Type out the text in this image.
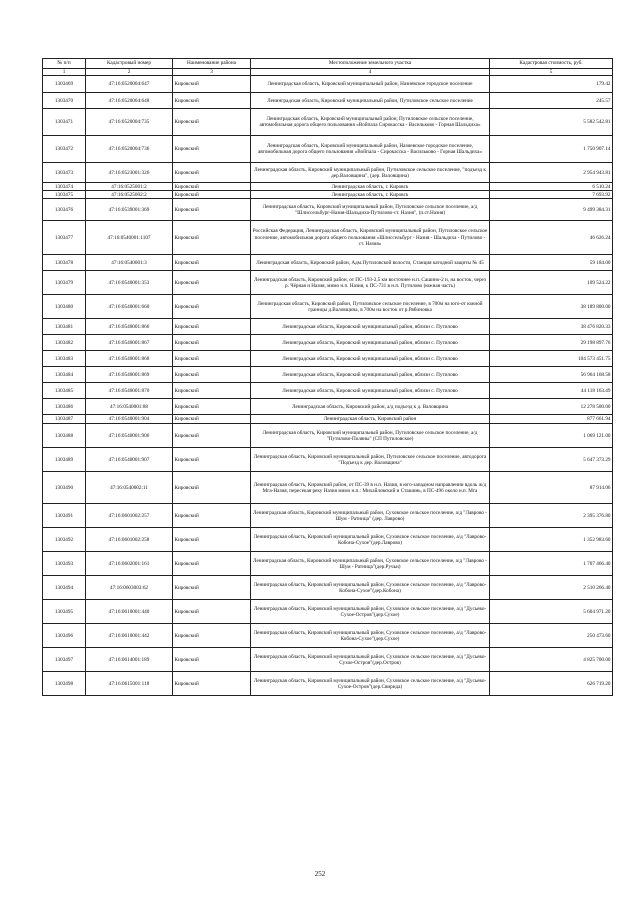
№ п/п	Кадастровый номер	Наименование района	Местоположение земельного участка	Кадастровая стоимость, руб.
1	2	3	4	5
1303469	47:16:0520004:647	Кировский	Ленинградская область, Кировский муниципальный район, Назиевское городское поселение	179.42
1303470	47:16:0520004:648	Кировский	Ленинградская область, Кировский муниципальный район, Путиловское сельское поселение	245.57
1303471	47:16:0520004:735	Кировский	Ленинградская область, Кировский муниципальный район, Путиловское сельское поселение, автомобильная дорога общего пользования «Войпала Сирокасска - Васильково - Горная Шальдиха»	5 582 542.81
1303472	47:16:0520004:736	Кировский	Ленинградская область, Кировский муниципальный район, Назиевское городское поселение, автомобильная дорога общего пользования «Войпала - Сирокасска - Васильково - Горная Шальдиха»	1 750 907.14
1303473	47:16:0523001:326	Кировский	Ленинградская область, Кировский муниципальный район, Путиловское сельское поселение, "подъезд к дер.Валовщина", (дер. Валовщина)	2 954 943.81
1303474	47:16:0525001:2	Кировский	Ленинградская область, г. Кировск	6 510.24
1303475	47:16:0525002:2	Кировский	Ленинградская область, г. Кировск	7 693.92
1303476	47:16:0539001:369	Кировский	Ленинградская область, Кировский муниципальный район, Путиловское сельское поселение, а/д "Шлиссельбург-Назия-Шальдиха-Путилово-ст. Назия", (п.ст.Назия)	9 499 384.31
1303477	47:16:0540001:1107	Кировский	Российская Федерация, Ленинградская область, Кировский муниципальный район, Путиловское сельское поселение, автомобильная дорога общего пользования «Шлиссельбург - Назия - Шальдиха - Путилово - ст. Назия»	46 626.24
1303478	47:16:0540001:3	Кировский	Ленинградская область, Кировский район, Адм.Путиловской волости, Станция катодной защиты № 45	59 184.00
1303479	47:16:0540001:353	Кировский	Ленинградская область, Кировский район, от ПС-193-2,5 км восточнее н.п. Сашино-2 и, на восток, через р. Чёрная и Назия, мимо н.п. Назия, к ПС-731 в н.п. Путилово (южная часть)	109 524.22
1303480	47:16:0540001:660	Кировский	Ленинградская область, Кировский район, Путиловское сельское поселение, в 700м на юго-от южной границы д.Валовщина, в 700м на восток от р.Рябиновка	38 189 800.00
1303481	47:16:0540001:866	Кировский	Ленинградская область, Кировский муниципальный район, вблизи с. Путилово	38 476 820.33
1303482	47:16:0540001:867	Кировский	Ленинградская область, Кировский муниципальный район, вблизи с. Путилово	29 198 897.76
1303483	47:16:0540001:868	Кировский	Ленинградская область, Кировский муниципальный район, вблизи с. Путилово	104 573 451.75
1303484	47:16:0540001:869	Кировский	Ленинградская область, Кировский муниципальный район, вблизи с. Путилово	56 964 168.58
1303485	47:16:0540001:870	Кировский	Ленинградская область, Кировский муниципальный район, вблизи с. Путилово	44 118 163.49
1303486	47:16:0540001:88	Кировский	Ленинградская область, Кировский район, а/д подъезд к д. Валовщина	12 278 500.00
1303487	47:16:0540001:904	Кировский	Ленинградская область, Кировский район	877 661.94
1303488	47:16:0540001:906	Кировский	Ленинградская область, Кировский муниципальный район, Путиловское сельское поселение, а/д "Путилово-Поляны" (СП Путиловское)	1 069 121.00
1303489	47:16:0540001:907	Кировский	Ленинградская область, Кировский муниципальный район, Путиловское сельское поселение, автодорога "Подъезд к дер. Валовщина"	5 647 373.29
1303490	47:16:0540002:11	Кировский	Ленинградская область, Кировский район, от ПС-39 в н.п. Назия, в юго-западном направлении вдоль ж/д Мга-Назия, пересекая реку Назия мимо н.п.: Михайловский и Сташинь, в ПС-496 около н.п. Мга	87 914.06
1303491	47:16:0601002:257	Кировский	Ленинградская область, Кировский муниципальный район, Суховское сельское поселение, а/д "Лаврово - Шум - Ратница" (дер. Лаврово)	2 395 376.80
1303492	47:16:0601002:258	Кировский	Ленинградская область, Кировский муниципальный район, Суховское сельское поселение, а/д "Лаврово-Кобона-Сухое"(дер.Лаврово)	1 352 983.60
1303493	47:16:0602001:161	Кировский	Ленинградская область, Кировский муниципальный район, Суховское сельское поселение, а/д "Лаврово - Шум - Ратница"(дер.Ручьи)	1 707 466.40
1303494	47:16:0603003:62	Кировский	Ленинградская область, Кировский муниципальный район, Суховское сельское поселение, а/д "Лаврово-Кобона-Сухое"(дер.Кобона)	2 510 266.40
1303495	47:16:0610001:440	Кировский	Ленинградская область, Кировский муниципальный район, Суховское сельское поселение, а/д "Дусьево-Сухое-Остров"(дер.Сухое)	5 604 971.20
1303496	47:16:0610001:442	Кировский	Ленинградская область, Кировский муниципальный район, Суховское сельское поселение, а/д "Лаврово-Кобона-Сухое"(дер.Сухое)	250 473.60
1303497	47:16:0614001:189	Кировский	Ленинградская область, Кировский муниципальный район, Суховское сельское поселение, а/д "Дусьево-Сухое-Остров"(дер.Остров)	4 825 700.00
1303498	47:16:0615001:118	Кировский	Ленинградская область, Кировский муниципальный район, Суховское сельское поселение, а/д "Дусьево-Сухое-Остров"(дер.Свирида)	626 719.20
252
